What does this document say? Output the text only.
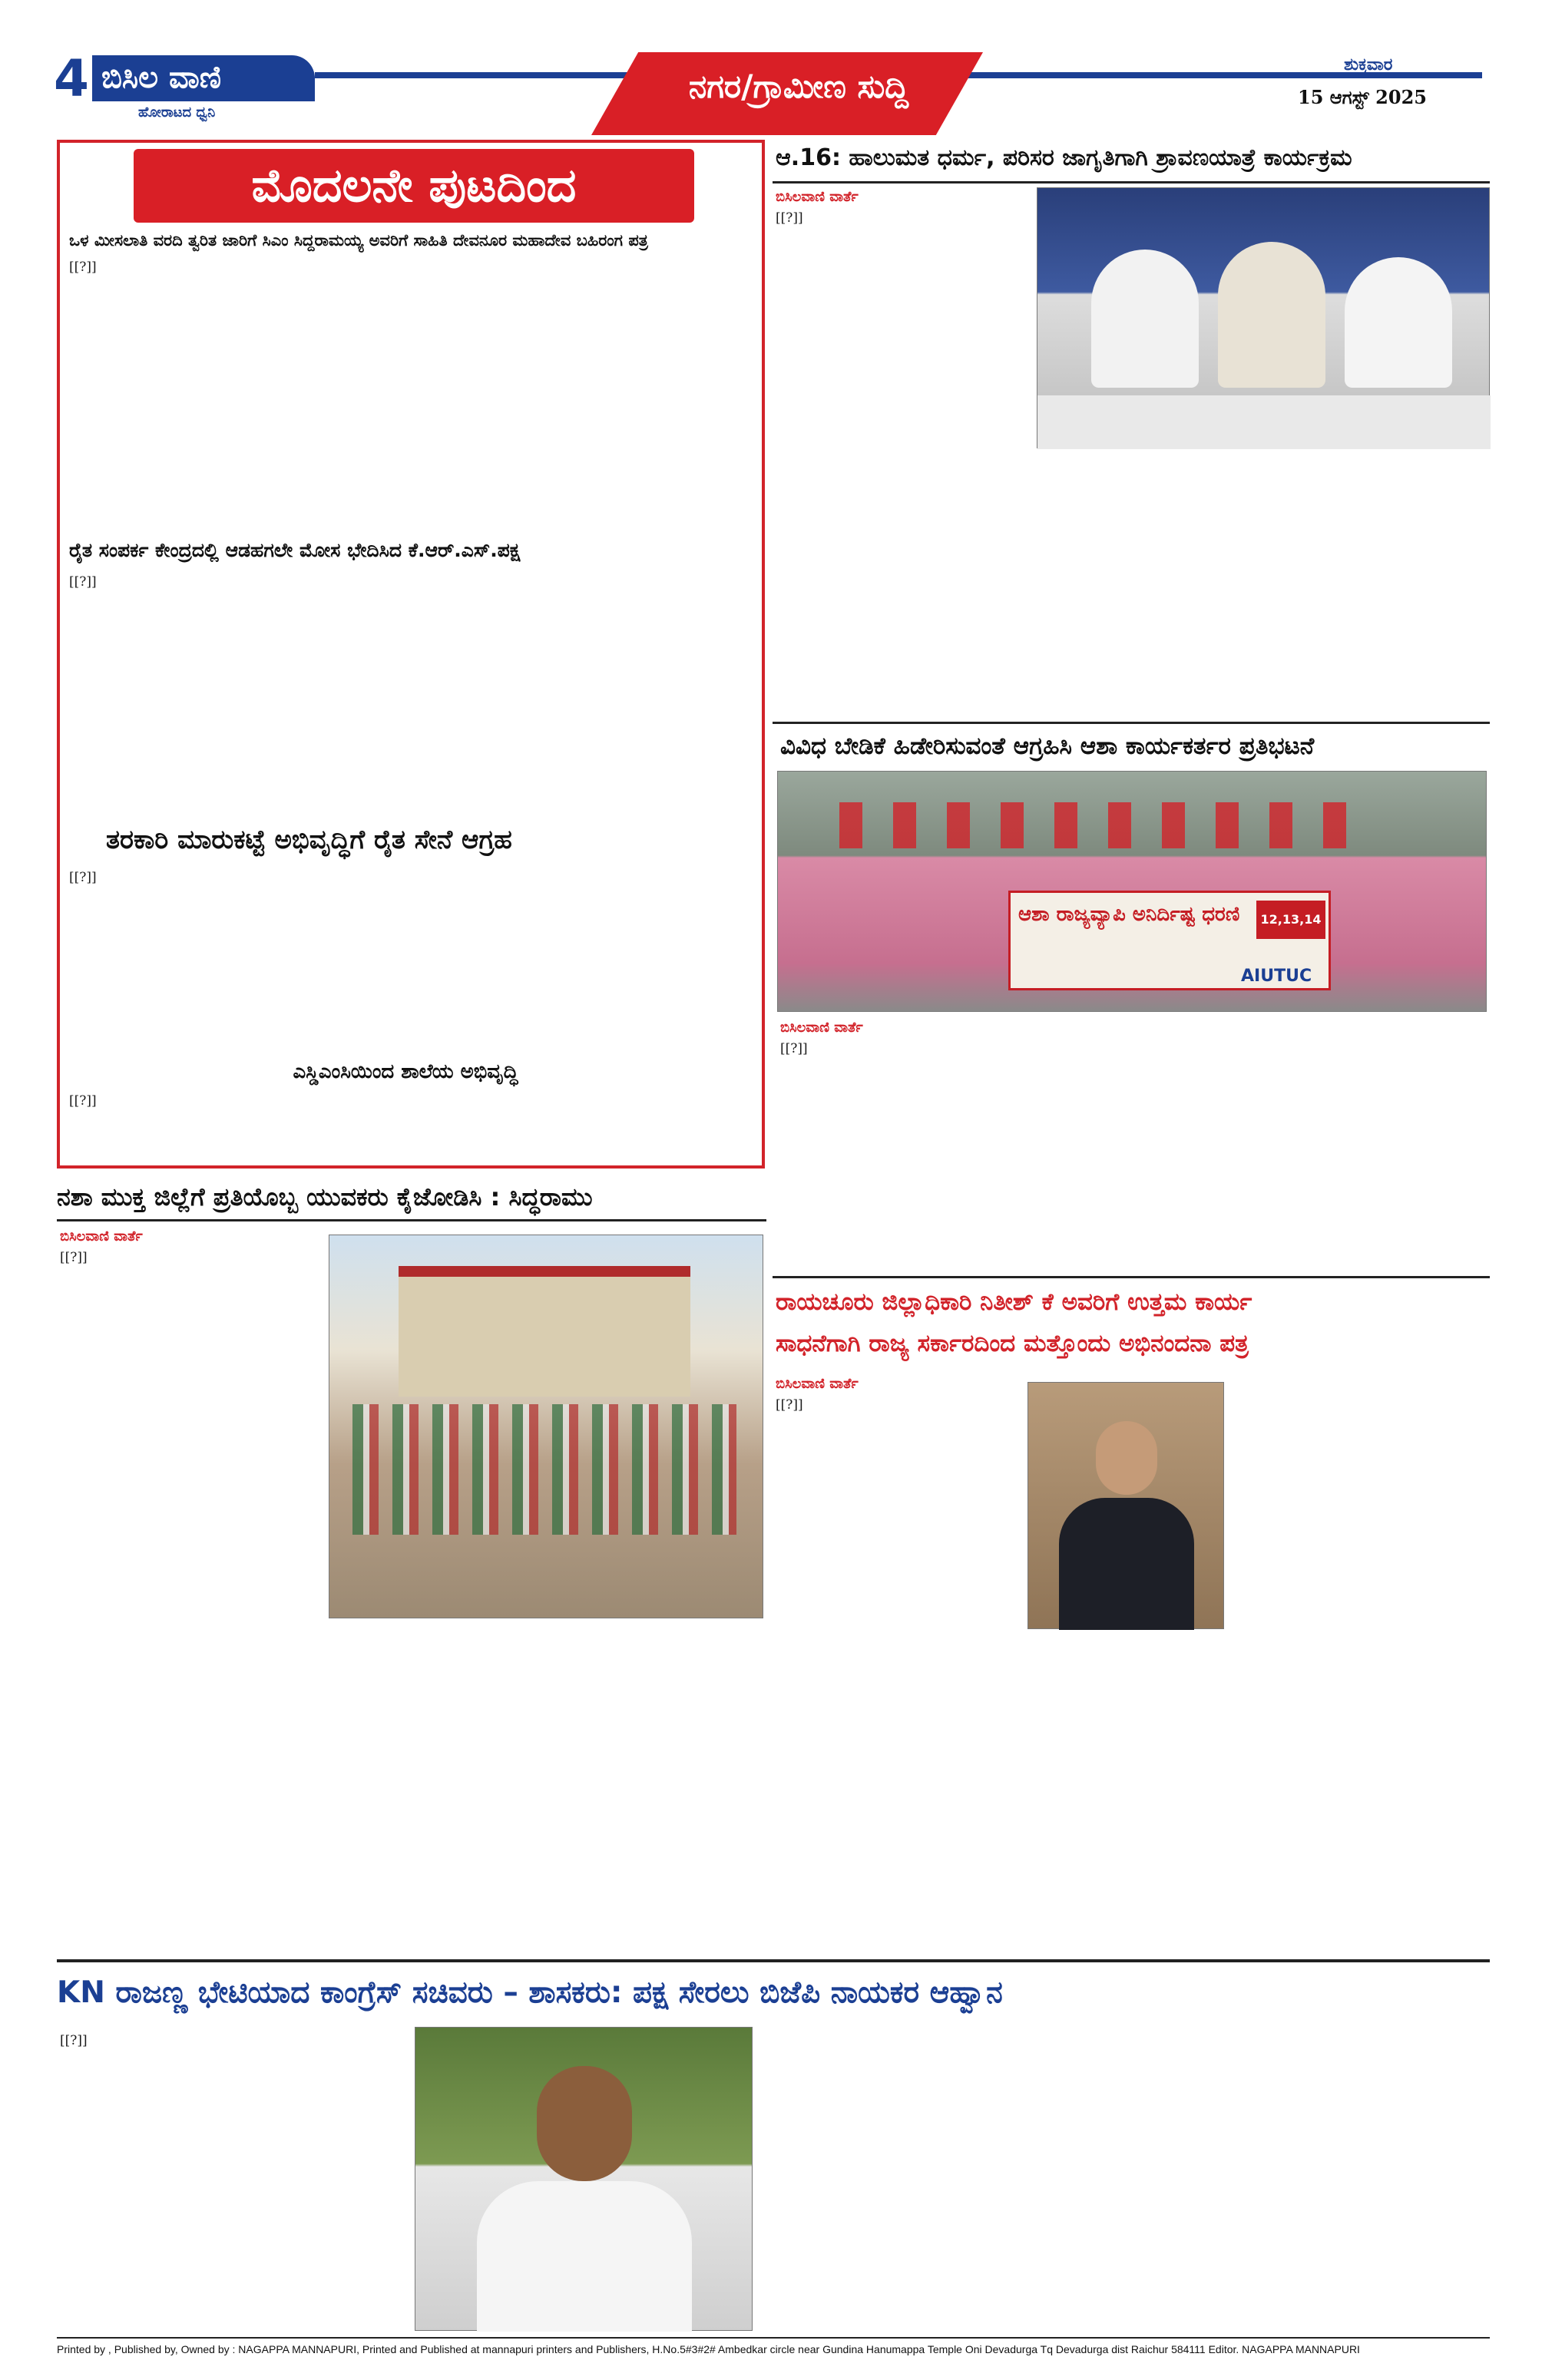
4 ಬಿಸಿಲ ವಾಣಿ
ಹೋರಾಟದ ಧ್ವನಿ
ನಗರ/ಗ್ರಾಮೀಣ ಸುದ್ದಿ
ಶುಕ್ರವಾರ
15 ಆಗಸ್ಟ್ 2025
ಮೊದಲನೇ ಪುಟದಿಂದ
ಒಳ ಮೀಸಲಾತಿ ವರದಿ ತ್ವರಿತ ಜಾರಿಗೆ ಸಿಎಂ ಸಿದ್ದರಾಮಯ್ಯ ಅವರಿಗೆ ಸಾಹಿತಿ ದೇವನೂರ ಮಹಾದೇವ ಬಹಿರಂಗ ಪತ್ರ
[[?]]
ರೈತ ಸಂಪರ್ಕ ಕೇಂದ್ರದಲ್ಲಿ ಆಡಹಗಲೇ ಮೋಸ ಭೇದಿಸಿದ ಕೆ.ಆರ್.ಎಸ್.ಪಕ್ಷ
[[?]]
ತರಕಾರಿ ಮಾರುಕಟ್ಟೆ ಅಭಿವೃದ್ಧಿಗೆ ರೈತ ಸೇನೆ ಆಗ್ರಹ
[[?]]
ಎಸ್ಡಿಎಂಸಿಯಿಂದ ಶಾಲೆಯ ಅಭಿವೃದ್ಧಿ
[[?]]
ಆ.16: ಹಾಲುಮತ ಧರ್ಮ, ಪರಿಸರ ಜಾಗೃತಿಗಾಗಿ ಶ್ರಾವಣಯಾತ್ರೆ ಕಾರ್ಯಕ್ರಮ
ಬಿಸಿಲವಾಣಿ ವಾರ್ತೆ
[[?]]
ವಿವಿಧ ಬೇಡಿಕೆ ಹಿಡೇರಿಸುವಂತೆ ಆಗ್ರಹಿಸಿ ಆಶಾ ಕಾರ್ಯಕರ್ತರ ಪ್ರತಿಭಟನೆ
ಆಶಾ ರಾಜ್ಯವ್ಯಾಪಿ ಅನಿರ್ದಿಷ್ಟ ಧರಣಿ	12,13,14
AIUTUC
ಬಿಸಿಲವಾಣಿ ವಾರ್ತೆ
[[?]]
ನಶಾ ಮುಕ್ತ ಜಿಲ್ಲೆಗೆ ಪ್ರತಿಯೊಬ್ಬ ಯುವಕರು ಕೈಜೋಡಿಸಿ : ಸಿದ್ಧರಾಮು
ಬಿಸಿಲವಾಣಿ ವಾರ್ತೆ
[[?]]
ರಾಯಚೂರು ಜಿಲ್ಲಾಧಿಕಾರಿ ನಿತೀಶ್ ಕೆ ಅವರಿಗೆ ಉತ್ತಮ ಕಾರ್ಯ
ಸಾಧನೆಗಾಗಿ ರಾಜ್ಯ ಸರ್ಕಾರದಿಂದ ಮತ್ತೊಂದು ಅಭಿನಂದನಾ ಪತ್ರ
ಬಿಸಿಲವಾಣಿ ವಾರ್ತೆ
[[?]]
KN ರಾಜಣ್ಣ ಭೇಟಿಯಾದ ಕಾಂಗ್ರೆಸ್ ಸಚಿವರು – ಶಾಸಕರು: ಪಕ್ಷ ಸೇರಲು ಬಿಜೆಪಿ ನಾಯಕರ ಆಹ್ವಾನ
[[?]]
Printed by , Published by, Owned by : NAGAPPA MANNAPURI, Printed and Published at mannapuri printers and Publishers, H.No.5#3#2# Ambedkar circle near Gundina Hanumappa Temple Oni Devadurga Tq Devadurga dist Raichur 584111 Editor. NAGAPPA MANNAPURI
